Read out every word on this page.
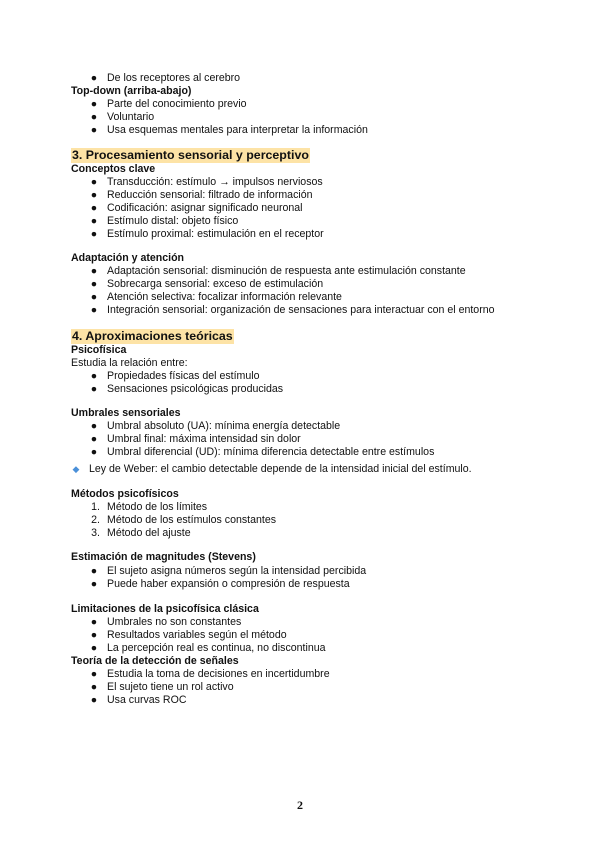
● De los receptores al cerebro
Top-down (arriba-abajo)
● Parte del conocimiento previo
● Voluntario
● Usa esquemas mentales para interpretar la información
3. Procesamiento sensorial y perceptivo
Conceptos clave
● Transducción: estímulo → impulsos nerviosos
● Reducción sensorial: filtrado de información
● Codificación: asignar significado neuronal
● Estímulo distal: objeto físico
● Estímulo proximal: estimulación en el receptor
Adaptación y atención
● Adaptación sensorial: disminución de respuesta ante estimulación constante
● Sobrecarga sensorial: exceso de estimulación
● Atención selectiva: focalizar información relevante
● Integración sensorial: organización de sensaciones para interactuar con el entorno
4. Aproximaciones teóricas
Psicofísica
Estudia la relación entre:
● Propiedades físicas del estímulo
● Sensaciones psicológicas producidas
Umbrales sensoriales
● Umbral absoluto (UA): mínima energía detectable
● Umbral final: máxima intensidad sin dolor
● Umbral diferencial (UD): mínima diferencia detectable entre estímulos
◆ Ley de Weber: el cambio detectable depende de la intensidad inicial del estímulo.
Métodos psicofísicos
1. Método de los límites
2. Método de los estímulos constantes
3. Método del ajuste
Estimación de magnitudes (Stevens)
● El sujeto asigna números según la intensidad percibida
● Puede haber expansión o compresión de respuesta
Limitaciones de la psicofísica clásica
● Umbrales no son constantes
● Resultados variables según el método
● La percepción real es continua, no discontinua
Teoría de la detección de señales
● Estudia la toma de decisiones en incertidumbre
● El sujeto tiene un rol activo
● Usa curvas ROC
2
